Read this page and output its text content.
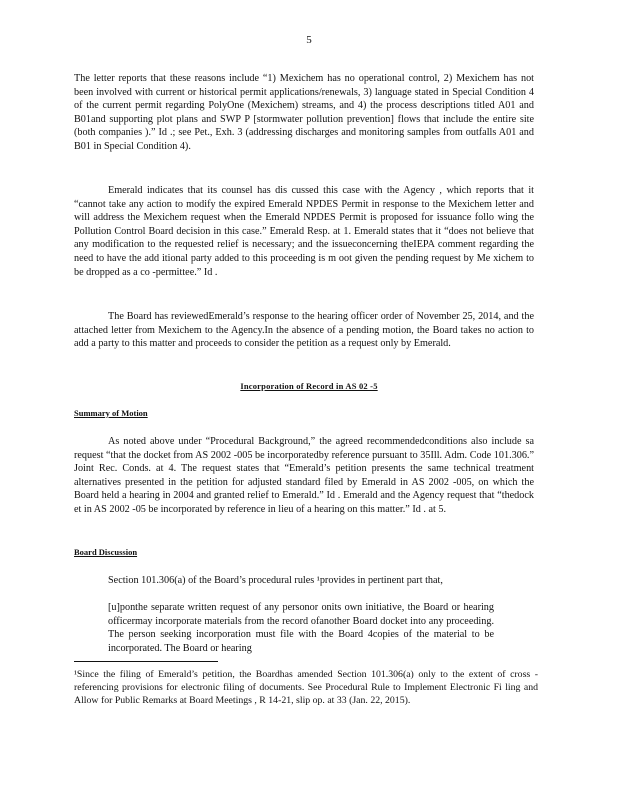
5

The letter reports that these reasons include “1) Mexichem has no operational control, 2) Mexichem has not been involved with current or historical permit applications/renewals, 3) language stated in Special Condition 4 of the current permit regarding PolyOne (Mexichem) streams, and 4) the process descriptions titled A01 and B01and supporting plot plans and SWP P [stormwater pollution prevention] flows that include the entire site (both companies ).” Id .; see Pet., Exh. 3 (addressing discharges and monitoring samples from outfalls A01 and B01 in Special Condition 4).

Emerald indicates that its counsel has dis cussed this case with the Agency , which reports that it “cannot take any action to modify the expired Emerald NPDES Permit in response to the Mexichem letter and will address the Mexichem request when the Emerald NPDES Permit is proposed for issuance follo wing the Pollution Control Board decision in this case.” Emerald Resp. at 1. Emerald states that it “does not believe that any modification to the requested relief is necessary; and the issueconcerning theIEPA comment regarding the need to have the add itional party added to this proceeding is m oot given the pending request by Me xichem to be dropped as a co -permittee.” Id .

The Board has reviewedEmerald’s response to the hearing officer order of November 25, 2014, and the attached letter from Mexichem to the Agency.In the absence of a pending motion, the Board takes no action to add a party to this matter and proceeds to consider the petition as a request only by Emerald.

Incorporation of Record in AS 02 -5
Summary of Motion

As noted above under “Procedural Background,” the agreed recommendedconditions also include sa request “that the docket from AS 2002 -005 be incorporatedby reference pursuant to 35Ill. Adm. Code 101.306.” Joint Rec. Conds. at 4. The request states that “Emerald’s petition presents the same technical treatment alternatives presented in the petition for adjusted standard filed by Emerald in AS 2002 -005, on which the Board held a hearing in 2004 and granted relief to Emerald.” Id . Emerald and the Agency request that “thedock et in AS 2002 -05 be incorporated by reference in lieu of a hearing on this matter.” Id . at 5.

Board Discussion

Section 101.306(a) of the Board’s procedural rules ¹provides in pertinent part that,

[u]ponthe separate written request of any personor onits own initiative, the Board or hearing officermay incorporate materials from the record ofanother Board docket into any proceeding. The person seeking incorporation must file with the Board 4copies of the material to be incorporated. The Board or hearing

¹Since the filing of Emerald’s petition, the Boardhas amended Section 101.306(a) only to the extent of cross -referencing provisions for electronic filing of documents. See Procedural Rule to Implement Electronic Fi ling and Allow for Public Remarks at Board Meetings , R 14-21, slip op. at 33 (Jan. 22, 2015).
